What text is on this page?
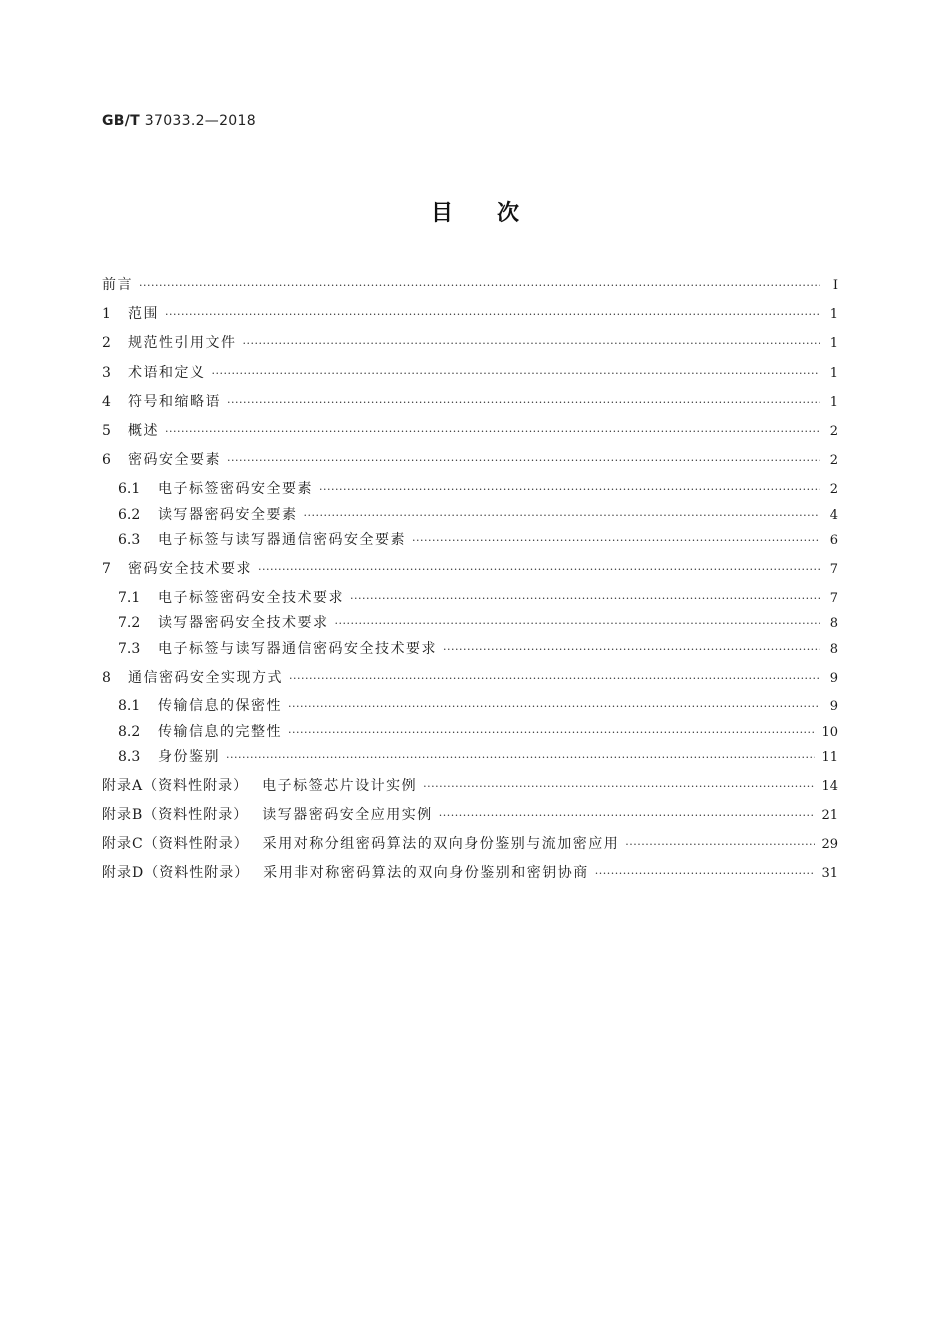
GB/T 37033.2—2018
目次
前言 ·····	Ⅰ
1	范围 ·····	1
2	规范性引用文件 ·····	1
3	术语和定义 ·····	1
4	符号和缩略语 ·····	1
5	概述 ·····	2
6	密码安全要素 ·····	2
6.1	电子标签密码安全要素 ·····	2
6.2	读写器密码安全要素 ·····	4
6.3	电子标签与读写器通信密码安全要素 ·····	6
7	密码安全技术要求 ·····	7
7.1	电子标签密码安全技术要求 ·····	7
7.2	读写器密码安全技术要求 ·····	8
7.3	电子标签与读写器通信密码安全技术要求 ·····	8
8	通信密码安全实现方式 ·····	9
8.1	传输信息的保密性 ·····	9
8.2	传输信息的完整性 ·····	10
8.3	身份鉴别 ·····	11
附录A（资料性附录） 电子标签芯片设计实例 ·····	14
附录B（资料性附录） 读写器密码安全应用实例 ·····	21
附录C（资料性附录） 采用对称分组密码算法的双向身份鉴别与流加密应用 ·····	29
附录D（资料性附录） 采用非对称密码算法的双向身份鉴别和密钥协商 ·····	31
